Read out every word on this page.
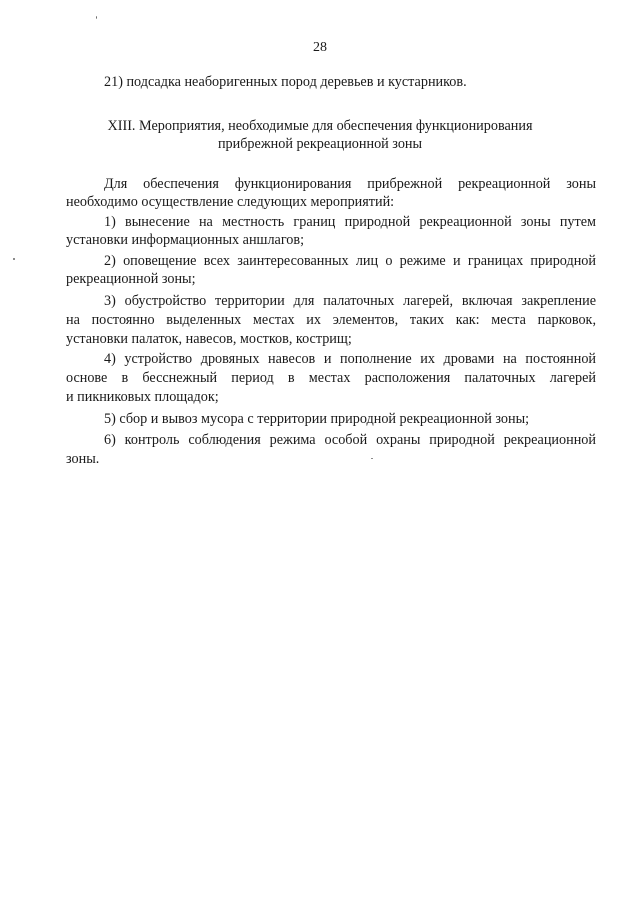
28
21) подсадка неаборигенных пород деревьев и кустарников.
XIII. Мероприятия, необходимые для обеспечения функционирования
прибрежной рекреационной зоны
Для обеспечения функционирования прибрежной рекреационной зоны
необходимо осуществление следующих мероприятий:
1) вынесение на местность границ природной рекреационной зоны путем
установки информационных аншлагов;
2) оповещение всех заинтересованных лиц о режиме и границах природной
рекреационной зоны;
3) обустройство территории для палаточных лагерей, включая закрепление
на постоянно выделенных местах их элементов, таких как: места парковок,
установки палаток, навесов, мостков, кострищ;
4) устройство дровяных навесов и пополнение их дровами на постоянной
основе в бесснежный период в местах расположения палаточных лагерей
и пикниковых площадок;
5) сбор и вывоз мусора с территории природной рекреационной зоны;
6) контроль соблюдения режима особой охраны природной рекреационной
зоны.
